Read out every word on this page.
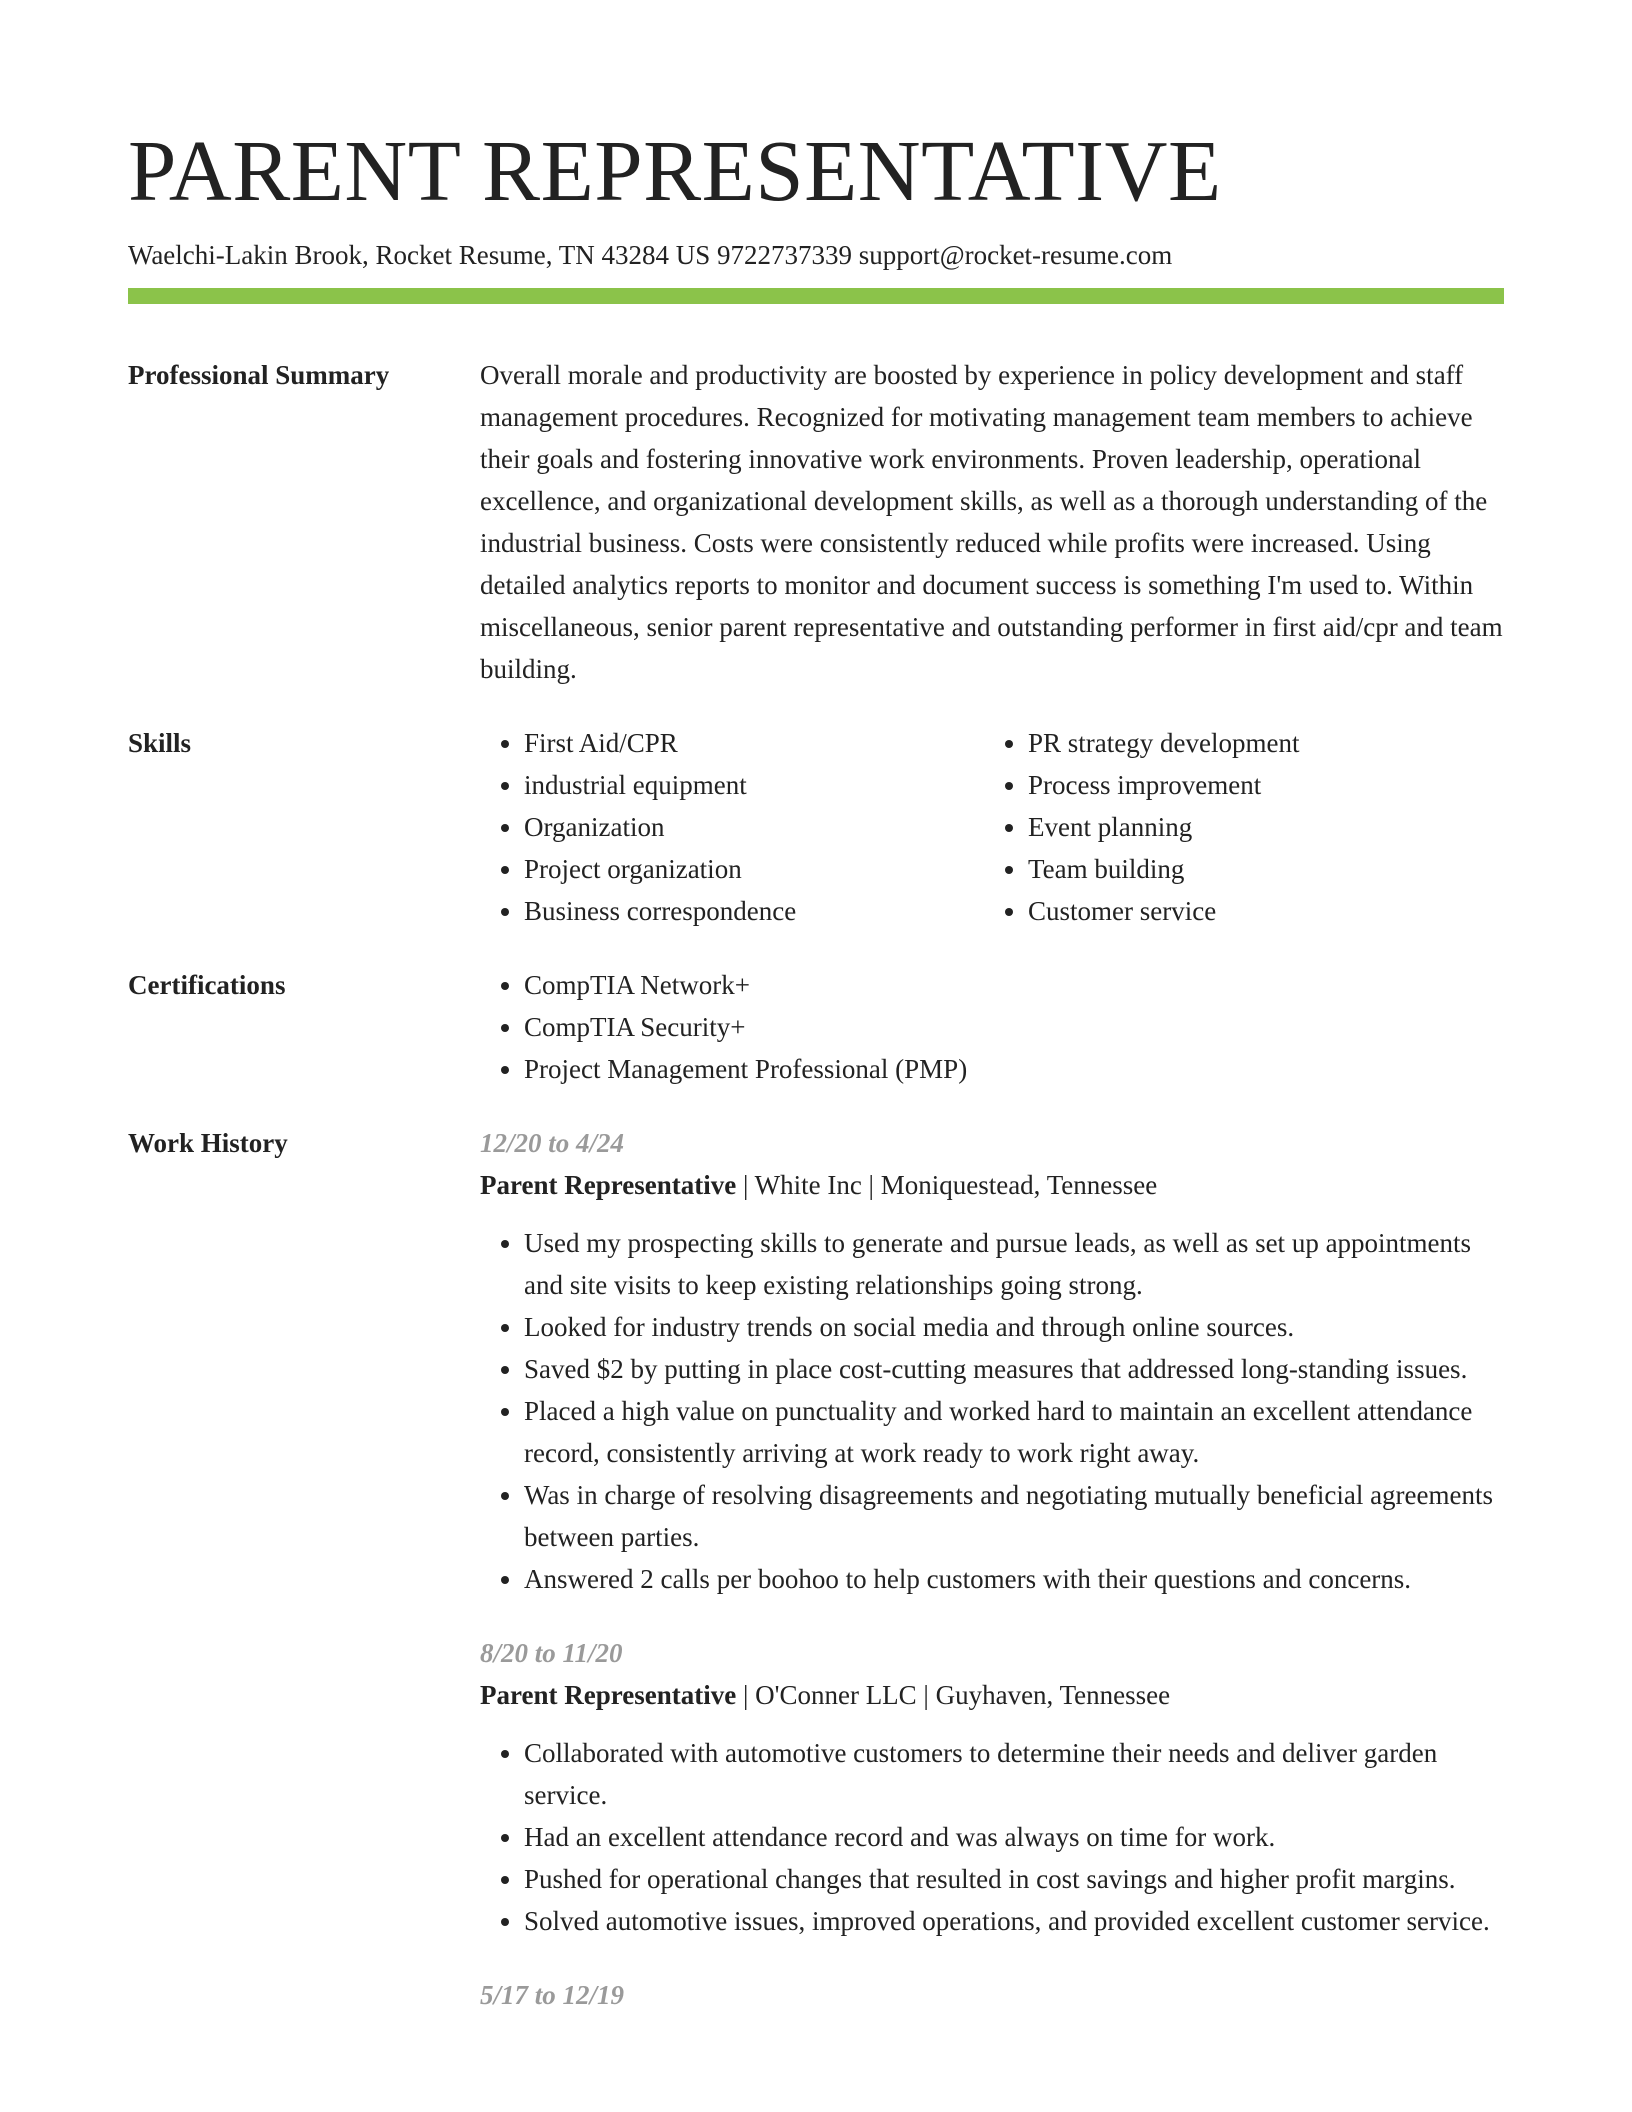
PARENT REPRESENTATIVE
Waelchi-Lakin Brook, Rocket Resume, TN 43284 US 9722737339 support@rocket-resume.com
Professional Summary	Overall morale and productivity are boosted by experience in policy development and staff management procedures. Recognized for motivating management team members to achieve their goals and fostering innovative work environments. Proven leadership, operational excellence, and organizational development skills, as well as a thorough understanding of the industrial business. Costs were consistently reduced while profits were increased. Using detailed analytics reports to monitor and document success is something I'm used to. Within miscellaneous, senior parent representative and outstanding performer in first aid/cpr and team building.

Skills	• First Aid/CPR
• industrial equipment
• Organization
• Project organization
• Business correspondence
• PR strategy development
• Process improvement
• Event planning
• Team building
• Customer service
Certifications	• CompTIA Network+
• CompTIA Security+
• Project Management Professional (PMP)
Work History	12/20 to 4/24
Parent Representative | White Inc | Moniquestead, Tennessee
• Used my prospecting skills to generate and pursue leads, as well as set up appointments and site visits to keep existing relationships going strong.
• Looked for industry trends on social media and through online sources.
• Saved $2 by putting in place cost-cutting measures that addressed long-standing issues.
• Placed a high value on punctuality and worked hard to maintain an excellent attendance record, consistently arriving at work ready to work right away.
• Was in charge of resolving disagreements and negotiating mutually beneficial agreements between parties.
• Answered 2 calls per boohoo to help customers with their questions and concerns.
8/20 to 11/20
Parent Representative | O'Conner LLC | Guyhaven, Tennessee
• Collaborated with automotive customers to determine their needs and deliver garden service.
• Had an excellent attendance record and was always on time for work.
• Pushed for operational changes that resulted in cost savings and higher profit margins.
• Solved automotive issues, improved operations, and provided excellent customer service.
5/17 to 12/19
